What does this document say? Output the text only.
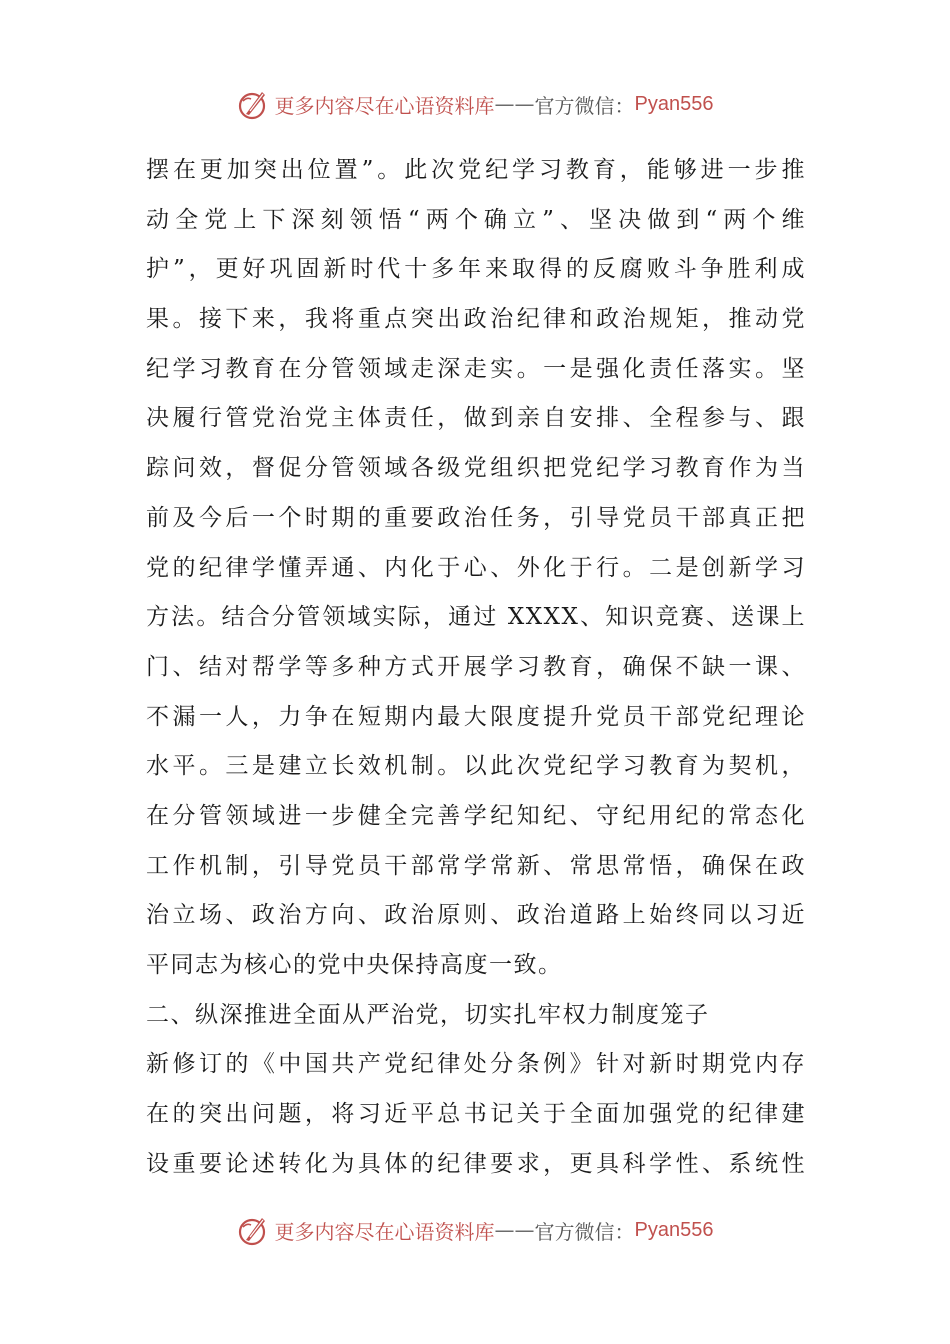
更多内容尽在心语资料库 —— 官方微信： Pyan556
摆在更加突出位置”。此次党纪学习教育，能够进一步推
动全党上下深刻领悟“两个确立”、坚决做到“两个维
护”，更好巩固新时代十多年来取得的反腐败斗争胜利成
果。接下来，我将重点突出政治纪律和政治规矩，推动党
纪学习教育在分管领域走深走实。一是强化责任落实。坚
决履行管党治党主体责任，做到亲自安排、全程参与、跟
踪问效，督促分管领域各级党组织把党纪学习教育作为当
前及今后一个时期的重要政治任务，引导党员干部真正把
党的纪律学懂弄通、内化于心、外化于行。二是创新学习
方法。结合分管领域实际，通过 XXXX、知识竞赛、送课上
门、结对帮学等多种方式开展学习教育，确保不缺一课、
不漏一人，力争在短期内最大限度提升党员干部党纪理论
水平。三是建立长效机制。以此次党纪学习教育为契机，
在分管领域进一步健全完善学纪知纪、守纪用纪的常态化
工作机制，引导党员干部常学常新、常思常悟，确保在政
治立场、政治方向、政治原则、政治道路上始终同以习近
平同志为核心的党中央保持高度一致。
二、纵深推进全面从严治党，切实扎牢权力制度笼子
新修订的《中国共产党纪律处分条例》针对新时期党内存
在的突出问题，将习近平总书记关于全面加强党的纪律建
设重要论述转化为具体的纪律要求，更具科学性、系统性
更多内容尽在心语资料库 —— 官方微信： Pyan556
